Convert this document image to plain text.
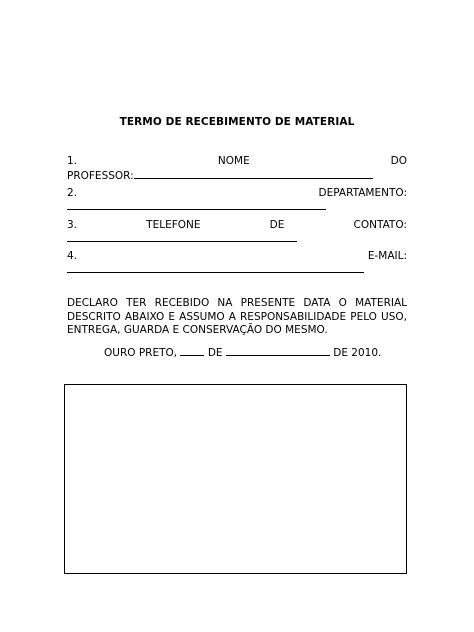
TERMO DE RECEBIMENTO DE MATERIAL
1.	NOME	DO
PROFESSOR:
2.	DEPARTAMENTO:
3.	TELEFONE	DE	CONTATO:
4.	E-MAIL:
DECLARO TER RECEBIDO NA PRESENTE DATA O MATERIAL DESCRITO ABAIXO E ASSUMO A RESPONSABILIDADE PELO USO, ENTREGA, GUARDA E CONSERVAÇÃO DO MESMO.
OURO PRETO,	DE	DE 2010.
